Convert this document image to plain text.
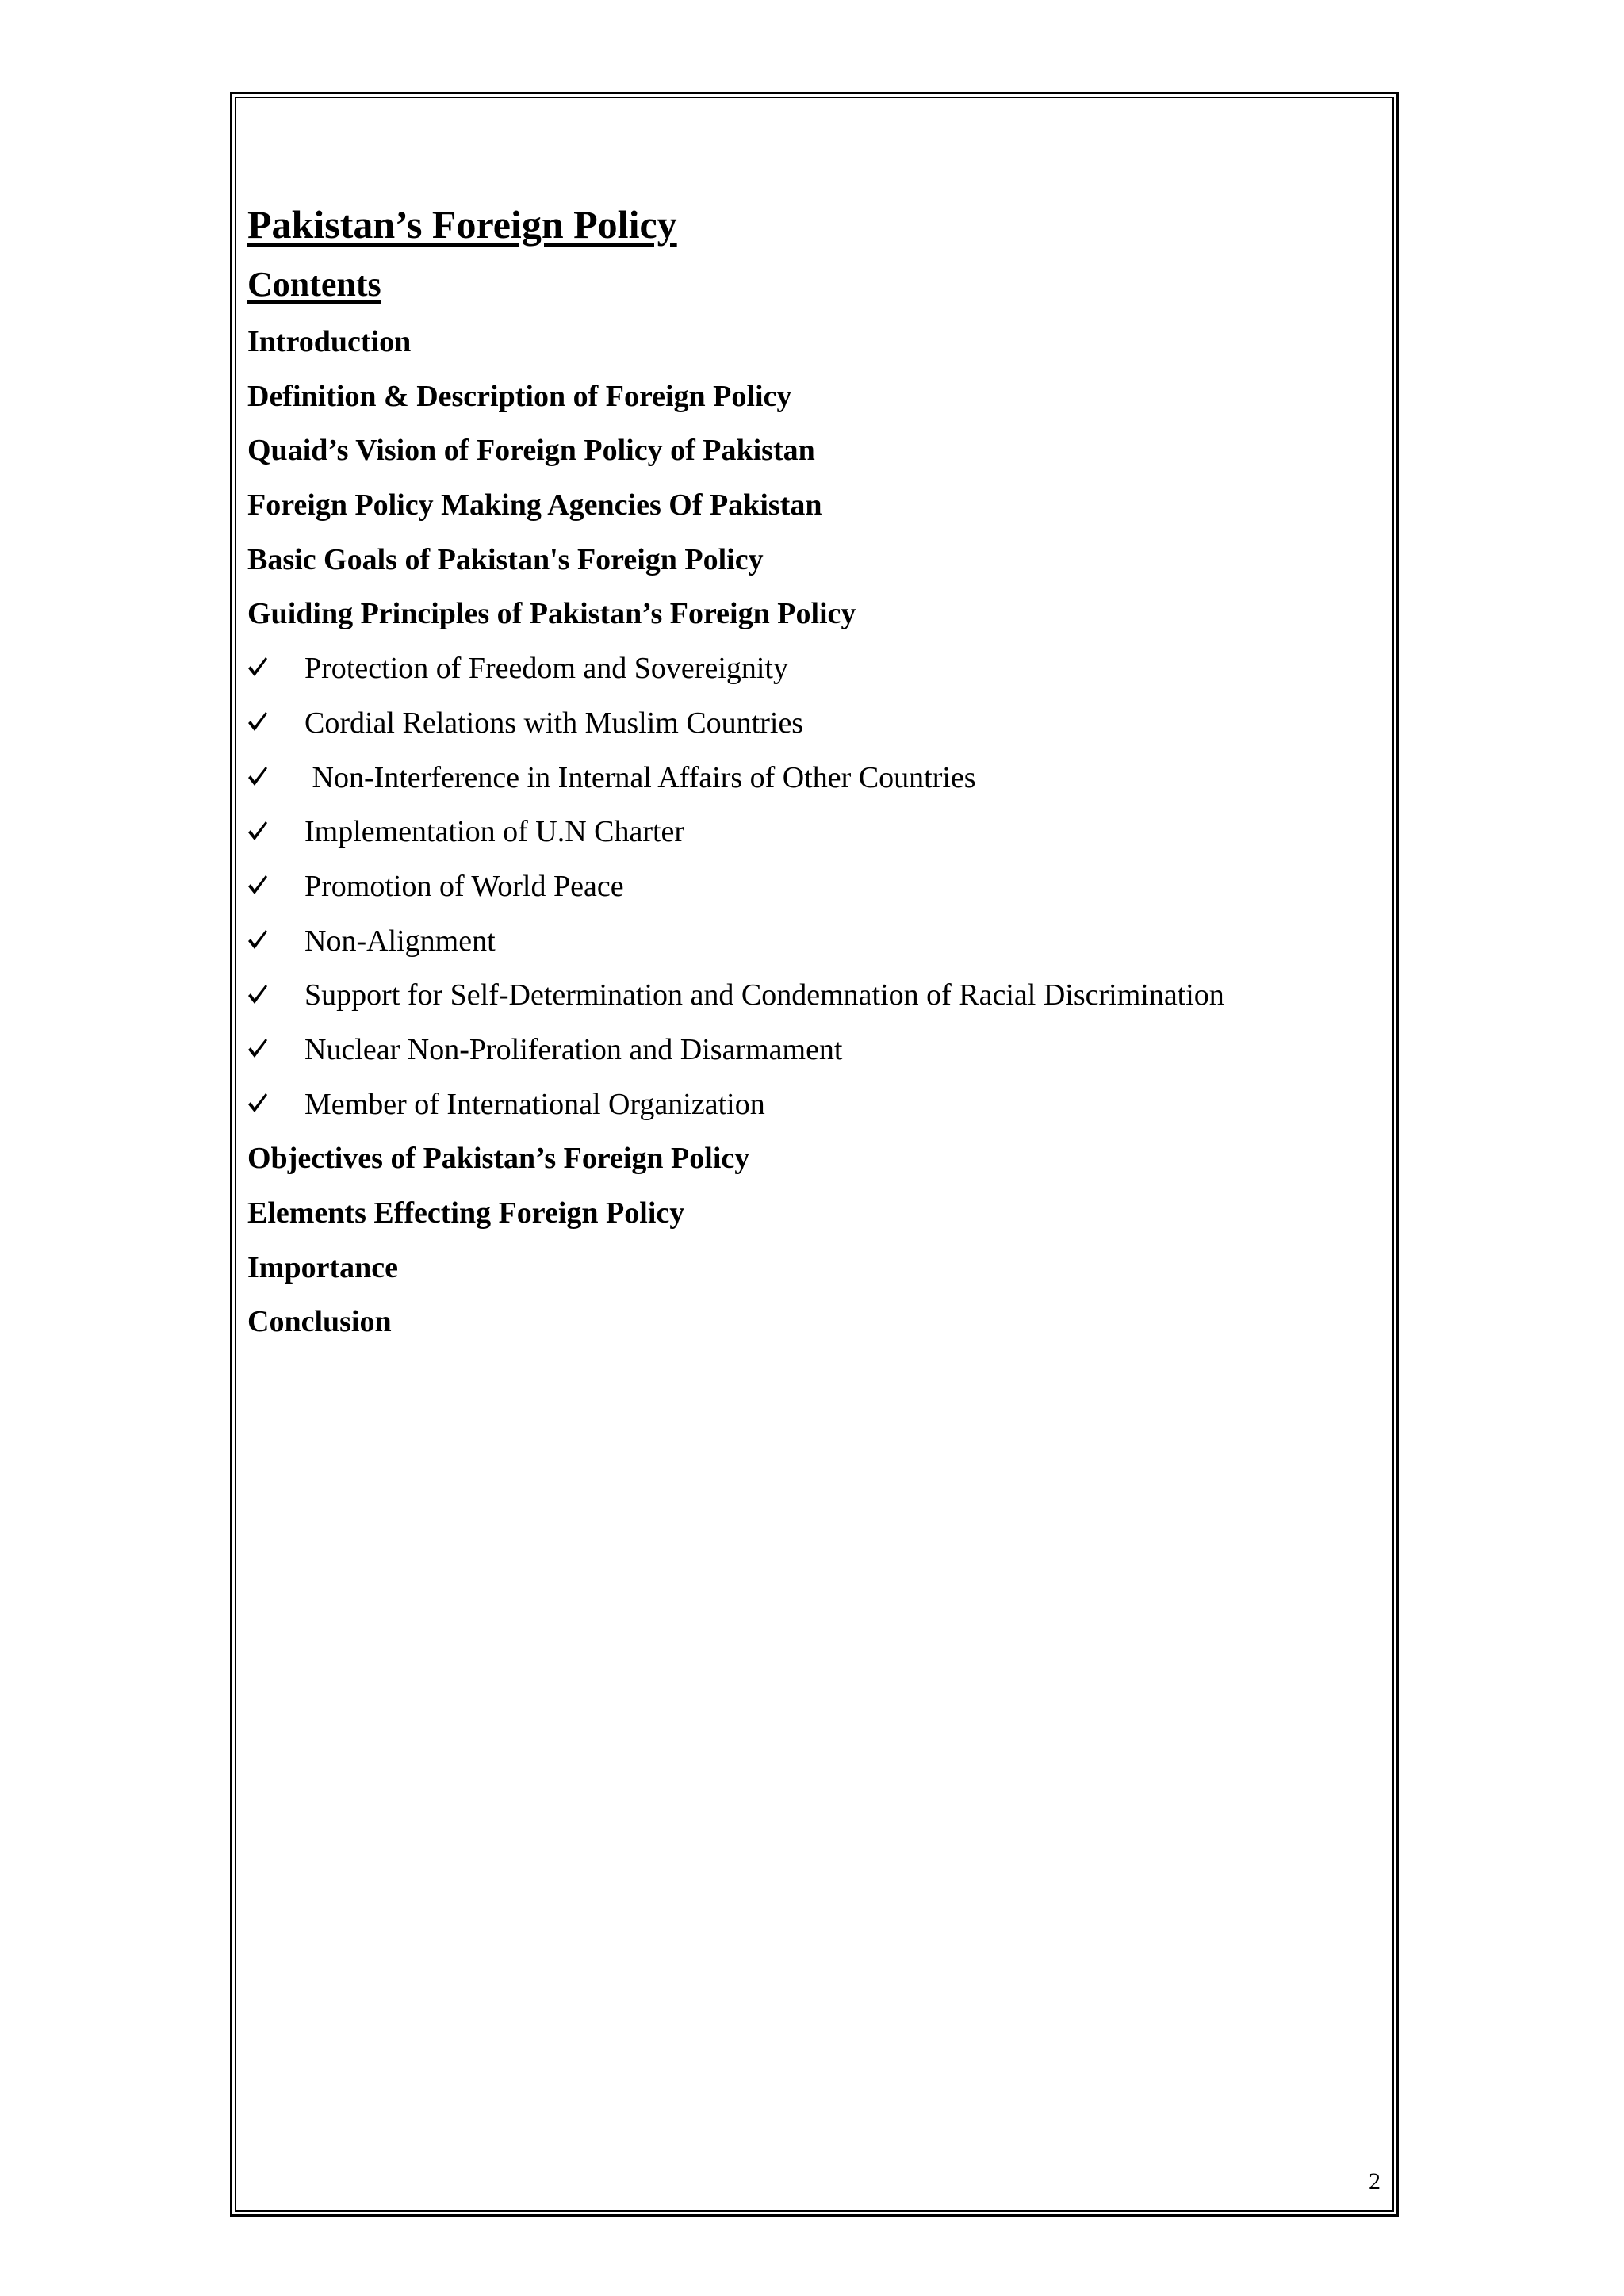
Pakistan’s Foreign Policy
Contents
Introduction
Definition & Description of Foreign Policy
Quaid’s Vision of Foreign Policy of Pakistan
Foreign Policy Making Agencies Of Pakistan
Basic Goals of Pakistan's Foreign Policy
Guiding Principles of Pakistan’s Foreign Policy
Protection of Freedom and Sovereignity
Cordial Relations with Muslim Countries
Non-Interference in Internal Affairs of Other Countries
Implementation of U.N Charter
Promotion of World Peace
Non-Alignment
Support for Self-Determination and Condemnation of Racial Discrimination
Nuclear Non-Proliferation and Disarmament
Member of International Organization
Objectives of Pakistan’s Foreign Policy
Elements Effecting Foreign Policy
Importance
Conclusion
2
